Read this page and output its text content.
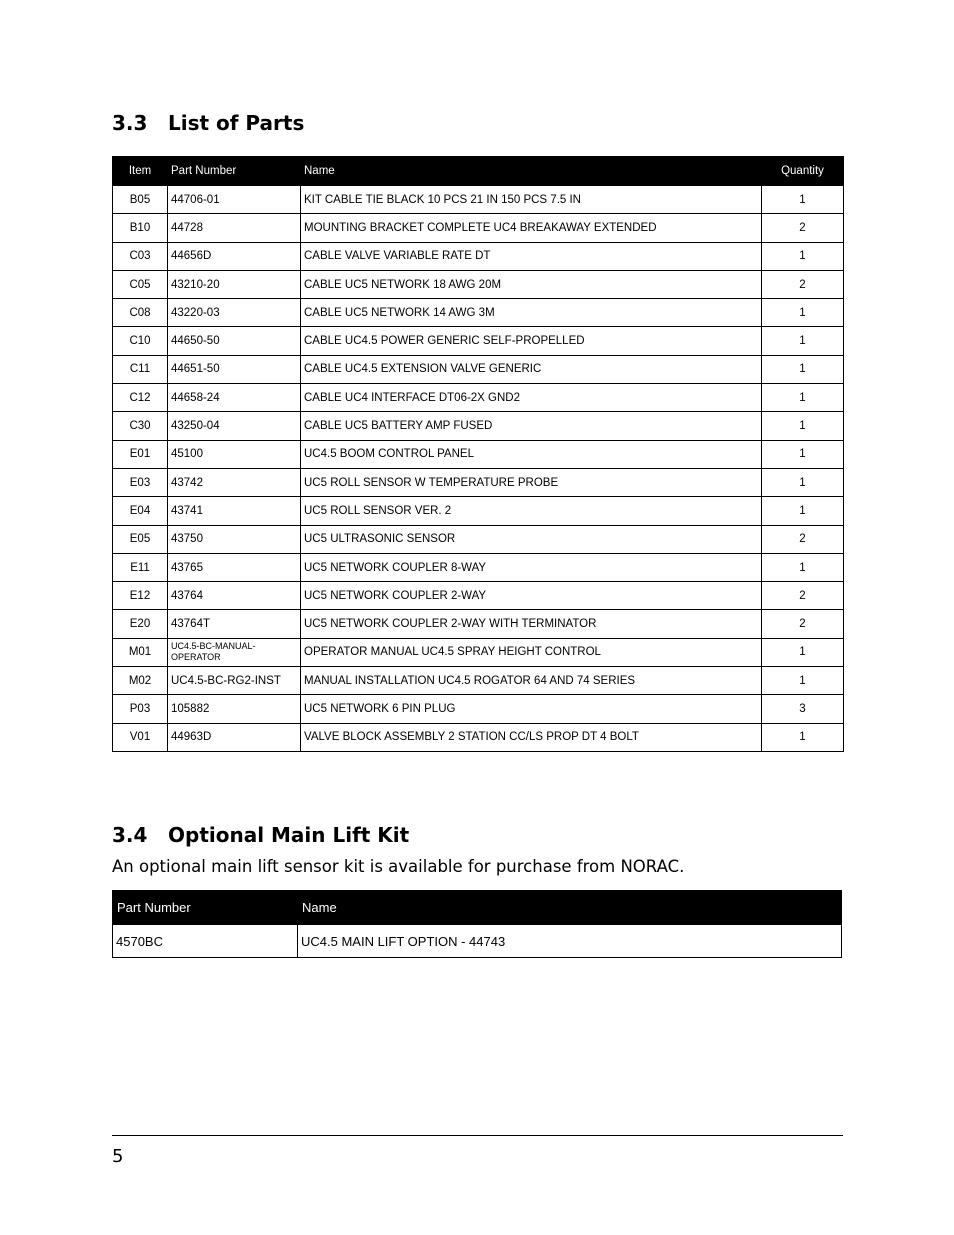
3.3 List of Parts
Item	Part Number	Name	Quantity
B05	44706-01	KIT CABLE TIE BLACK 10 PCS 21 IN 150 PCS 7.5 IN	1
B10	44728	MOUNTING BRACKET COMPLETE UC4 BREAKAWAY EXTENDED	2
C03	44656D	CABLE VALVE VARIABLE RATE DT	1
C05	43210-20	CABLE UC5 NETWORK 18 AWG 20M	2
C08	43220-03	CABLE UC5 NETWORK 14 AWG 3M	1
C10	44650-50	CABLE UC4.5 POWER GENERIC SELF-PROPELLED	1
C11	44651-50	CABLE UC4.5 EXTENSION VALVE GENERIC	1
C12	44658-24	CABLE UC4 INTERFACE DT06-2X GND2	1
C30	43250-04	CABLE UC5 BATTERY AMP FUSED	1
E01	45100	UC4.5 BOOM CONTROL PANEL	1
E03	43742	UC5 ROLL SENSOR W TEMPERATURE PROBE	1
E04	43741	UC5 ROLL SENSOR VER. 2	1
E05	43750	UC5 ULTRASONIC SENSOR	2
E11	43765	UC5 NETWORK COUPLER 8-WAY	1
E12	43764	UC5 NETWORK COUPLER 2-WAY	2
E20	43764T	UC5 NETWORK COUPLER 2-WAY WITH TERMINATOR	2
M01	UC4.5-BC-MANUAL-OPERATOR	OPERATOR MANUAL UC4.5 SPRAY HEIGHT CONTROL	1
M02	UC4.5-BC-RG2-INST	MANUAL INSTALLATION UC4.5 ROGATOR 64 AND 74 SERIES	1
P03	105882	UC5 NETWORK 6 PIN PLUG	3
V01	44963D	VALVE BLOCK ASSEMBLY 2 STATION CC/LS PROP DT 4 BOLT	1
3.4 Optional Main Lift Kit

An optional main lift sensor kit is available for purchase from NORAC.

Part Number	Name
4570BC	UC4.5 MAIN LIFT OPTION - 44743
5
